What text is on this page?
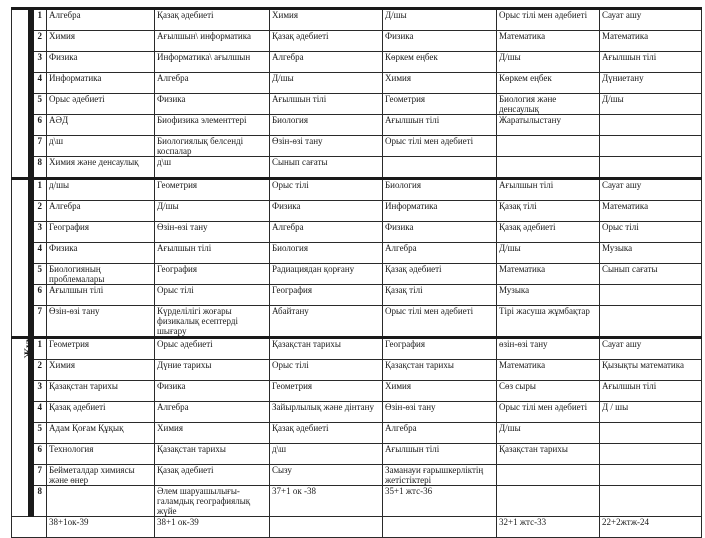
	1	Алгебра	Қазақ әдебиеті	Химия	Д/шы	Орыс тілі мен әдебиеті	Сауат ашу
	2	Химия	Ағылшын\ информатика	Қазақ әдебиеті	Физика	Математика	Математика
	3	Физика	Информатика\ ағылшын	Алгебра	Көркем еңбек	Д/шы	Ағылшын тілі
	4	Информатика	Алгебра	Д/шы	Химия	Көркем еңбек	Дүниетану
	5	Орыс әдебиеті	Физика	Ағылшын тілі	Геометрия	Биология және денсаулық	Д/шы
	6	АӘД	Биофизика элементтері	Биология	Ағылшын тілі	Жаратылыстану	
	7	д\ш	Биологиялық белсенді коспалар	Өзін-өзі тану	Орыс тілі мен әдебиеті		
	8	Химия және денсаулық	д\ш	Сынып сағаты			
	1	д/шы	Геометрия	Орыс тілі	Биология	Ағылшын тілі	Сауат ашу
	2	Алгебра	Д/шы	Физика	Информатика	Қазақ тілі	Математика
	3	География	Өзін-өзі тану	Алгебра	Физика	Қазақ әдебиеті	Орыс тілі
	4	Физика	Ағылшын тілі	Биология	Алгебра	Д/шы	Музыка
	5	Биологияның проблемалары	География	Радиациядан қорғану	Қазақ әдебиеті	Математика	Сынып сағаты
	6	Ағылшын тілі	Орыс тілі	География	Қазақ тілі	Музыка	
	7	Өзін-өзі тану	Күрделілігі жоғары физикалық есептерді шығару	Абайтану	Орыс тілі мен әдебиеті	Тірі жасуша жұмбақтар	
Жұ	1	Геометрия	Орыс әдебиеті	Қазақстан тарихы	География	өзін-өзі тану	Сауат ашу
	2	Химия	Дүние тарихы	Орыс тілі	Қазақстан тарихы	Математика	Қызықты математика
	3	Қазақстан тарихы	Физика	Геометрия	Химия	Сөз сыры	Ағылшын тілі
	4	Қазақ әдебиеті	Алгебра	Зайырлылық және дінтану	Өзін-өзі тану	Орыс тілі мен әдебиеті	Д / шы
	5	Адам Қоғам Құқық	Химия	Қазақ әдебиеті	Алгебра	Д/шы	
	6	Технология	Қазақстан тарихы	д\ш	Ағылшын тілі	Қазақстан тарихы	
	7	Бейметалдар химиясы және өнер	Қазақ әдебиеті	Сызу	Заманауи ғарышкерліктің жетістіктері		
	8		Әлем шаруашылығы-галамдық географиялық жүйе	37+1 ок -38	35+1 жтс-36		
		38+1ок-39	38+1 ок-39			32+1 жтс-33	22+2жтж-24
